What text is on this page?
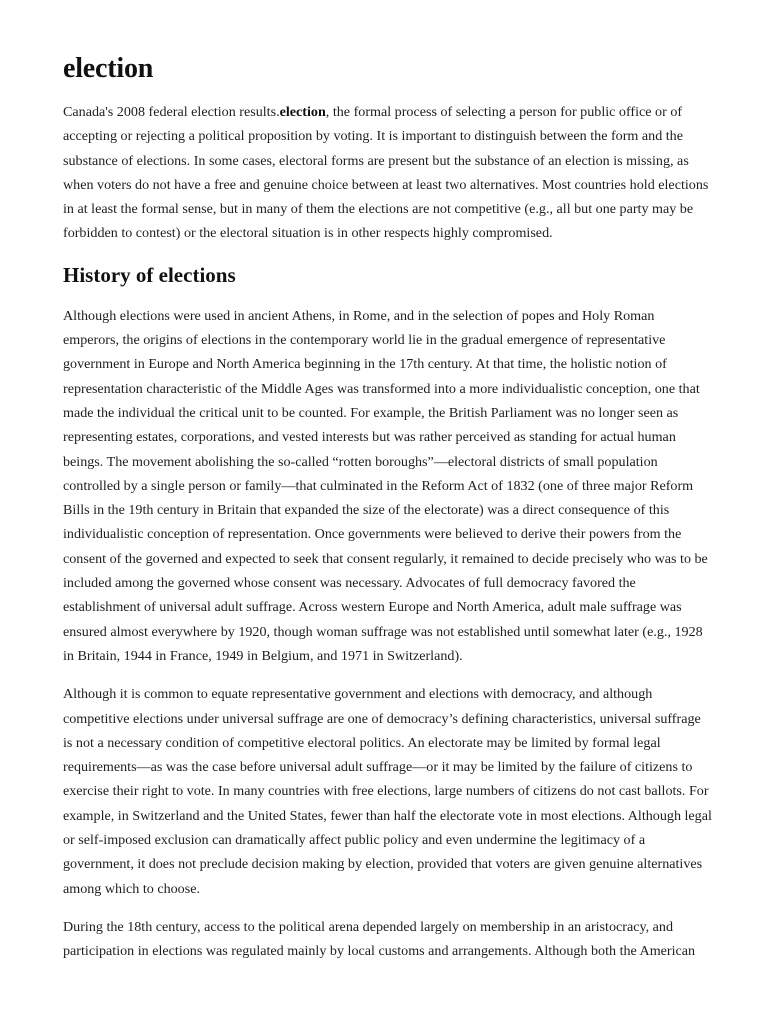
election

Canada's 2008 federal election results.election, the formal process of selecting a person for public office or of accepting or rejecting a political proposition by voting. It is important to distinguish between the form and the substance of elections. In some cases, electoral forms are present but the substance of an election is missing, as when voters do not have a free and genuine choice between at least two alternatives. Most countries hold elections in at least the formal sense, but in many of them the elections are not competitive (e.g., all but one party may be forbidden to contest) or the electoral situation is in other respects highly compromised.

History of elections

Although elections were used in ancient Athens, in Rome, and in the selection of popes and Holy Roman emperors, the origins of elections in the contemporary world lie in the gradual emergence of representative government in Europe and North America beginning in the 17th century. At that time, the holistic notion of representation characteristic of the Middle Ages was transformed into a more individualistic conception, one that made the individual the critical unit to be counted. For example, the British Parliament was no longer seen as representing estates, corporations, and vested interests but was rather perceived as standing for actual human beings. The movement abolishing the so-called “rotten boroughs”—electoral districts of small population controlled by a single person or family—that culminated in the Reform Act of 1832 (one of three major Reform Bills in the 19th century in Britain that expanded the size of the electorate) was a direct consequence of this individualistic conception of representation. Once governments were believed to derive their powers from the consent of the governed and expected to seek that consent regularly, it remained to decide precisely who was to be included among the governed whose consent was necessary. Advocates of full democracy favored the establishment of universal adult suffrage. Across western Europe and North America, adult male suffrage was ensured almost everywhere by 1920, though woman suffrage was not established until somewhat later (e.g., 1928 in Britain, 1944 in France, 1949 in Belgium, and 1971 in Switzerland).

Although it is common to equate representative government and elections with democracy, and although competitive elections under universal suffrage are one of democracy’s defining characteristics, universal suffrage is not a necessary condition of competitive electoral politics. An electorate may be limited by formal legal requirements—as was the case before universal adult suffrage—or it may be limited by the failure of citizens to exercise their right to vote. In many countries with free elections, large numbers of citizens do not cast ballots. For example, in Switzerland and the United States, fewer than half the electorate vote in most elections. Although legal or self-imposed exclusion can dramatically affect public policy and even undermine the legitimacy of a government, it does not preclude decision making by election, provided that voters are given genuine alternatives among which to choose.

During the 18th century, access to the political arena depended largely on membership in an aristocracy, and participation in elections was regulated mainly by local customs and arrangements. Although both the American
